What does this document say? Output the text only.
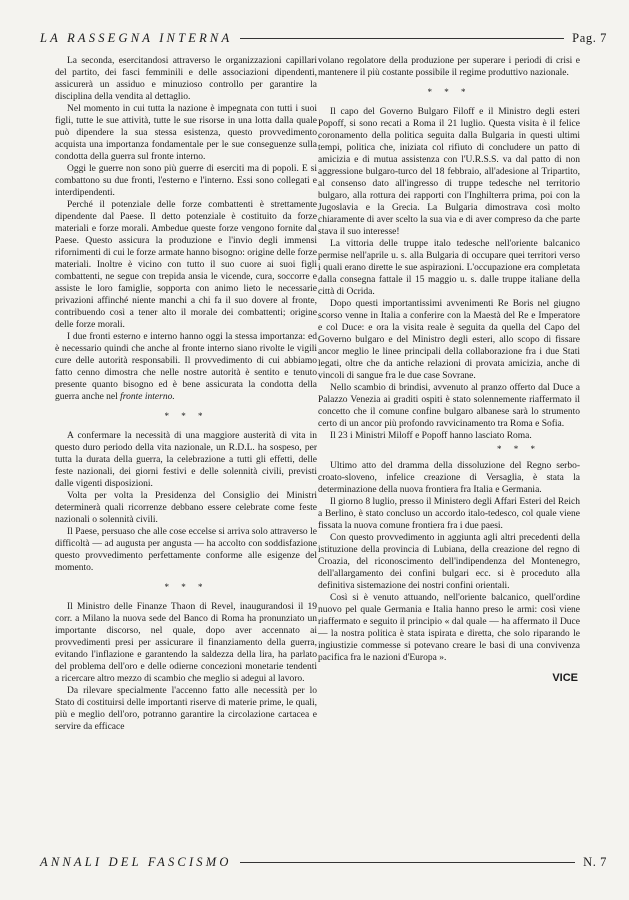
LA RASSEGNA INTERNA	Pag. 7

La seconda, esercitandosi attraverso le organizzazioni capillari del partito, dei fasci femminili e delle associazioni dipendenti, assicurerà un assiduo e minuzioso controllo per garantire la disciplina della vendita al dettaglio.

Nel momento in cui tutta la nazione è impegnata con tutti i suoi figli, tutte le sue attività, tutte le sue risorse in una lotta dalla quale può dipendere la sua stessa esistenza, questo provvedimento acquista una importanza fondamentale per le sue conseguenze sulla condotta della guerra sul fronte interno.

Oggi le guerre non sono più guerre di eserciti ma di popoli. E si combattono su due fronti, l'esterno e l'interno. Essi sono collegati e interdipendenti.

Perché il potenziale delle forze combattenti è strettamente dipendente dal Paese. Il detto potenziale è costituito da forze materiali e forze morali. Ambedue queste forze vengono fornite dal Paese. Questo assicura la produzione e l'invio degli immensi rifornimenti di cui le forze armate hanno bisogno: origine delle forze materiali. Inoltre è vicino con tutto il suo cuore ai suoi figli combattenti, ne segue con trepida ansia le vicende, cura, soccorre e assiste le loro famiglie, sopporta con animo lieto le necessarie privazioni affinché niente manchi a chi fa il suo dovere al fronte, contribuendo così a tener alto il morale dei combattenti; origine delle forze morali.

I due fronti esterno e interno hanno oggi la stessa importanza: ed è necessario quindi che anche al fronte interno siano rivolte le vigili cure delle autorità responsabili. Il provvedimento di cui abbiamo fatto cenno dimostra che nelle nostre autorità è sentito e tenuto presente quanto bisogno ed è bene assicurata la condotta della guerra anche nel fronte interno.

* * *

A confermare la necessità di una maggiore austerità di vita in questo duro periodo della vita nazionale, un R.D.L. ha sospeso, per tutta la durata della guerra, la celebrazione a tutti gli effetti, delle feste nazionali, dei giorni festivi e delle solennità civili, previsti dalle vigenti disposizioni.

Volta per volta la Presidenza del Consiglio dei Ministri determinerà quali ricorrenze debbano essere celebrate come feste nazionali o solennità civili.

Il Paese, persuaso che alle cose eccelse si arriva solo attraverso le difficoltà — ad augusta per angusta — ha accolto con soddisfazione questo provvedimento perfettamente conforme alle esigenze del momento.

* * *

Il Ministro delle Finanze Thaon di Revel, inaugurandosi il 19 corr. a Milano la nuova sede del Banco di Roma ha pronunziato un importante discorso, nel quale, dopo aver accennato ai provvedimenti presi per assicurare il finanziamento della guerra, evitando l'inflazione e garantendo la saldezza della lira, ha parlato del problema dell'oro e delle odierne concezioni monetarie tendenti a ricercare altro mezzo di scambio che meglio si adegui al lavoro.

Da rilevare specialmente l'accenno fatto alle necessità per lo Stato di costituirsi delle importanti riserve di materie prime, le quali, più e meglio dell'oro, potranno garantire la circolazione cartacea e servire da efficace

volano regolatore della produzione per superare i periodi di crisi e mantenere il più costante possibile il regime produttivo nazionale.

* * *

Il capo del Governo Bulgaro Filoff e il Ministro degli esteri Popoff, si sono recati a Roma il 21 luglio. Questa visita è il felice coronamento della politica seguita dalla Bulgaria in questi ultimi tempi, politica che, iniziata col rifiuto di concludere un patto di amicizia e di mutua assistenza con l'U.R.S.S. va dal patto di non aggressione bulgaro-turco del 18 febbraio, all'adesione al Tripartito, al consenso dato all'ingresso di truppe tedesche nel territorio bulgaro, alla rottura dei rapporti con l'Inghilterra prima, poi con la Jugoslavia e la Grecia. La Bulgaria dimostrava così molto chiaramente di aver scelto la sua via e di aver compreso da che parte stava il suo interesse!

La vittoria delle truppe italo tedesche nell'oriente balcanico permise nell'aprile u. s. alla Bulgaria di occupare quei territori verso i quali erano dirette le sue aspirazioni. L'occupazione era completata dalla consegna fattale il 15 maggio u. s. dalle truppe italiane della città di Ocrida.

Dopo questi importantissimi avvenimenti Re Boris nel giugno scorso venne in Italia a conferire con la Maestà del Re e Imperatore e col Duce: e ora la visita reale è seguita da quella del Capo del Governo bulgaro e del Ministro degli esteri, allo scopo di fissare ancor meglio le linee principali della collaborazione fra i due Stati legati, oltre che da antiche relazioni di provata amicizia, anche di vincoli di sangue fra le due case Sovrane.

Nello scambio di brindisi, avvenuto al pranzo offerto dal Duce a Palazzo Venezia ai graditi ospiti è stato solennemente riaffermato il concetto che il comune confine bulgaro albanese sarà lo strumento certo di un ancor più profondo ravvicinamento tra Roma e Sofia.

Il 23 i Ministri Miloff e Popoff hanno lasciato Roma.

* * *

Ultimo atto del dramma della dissoluzione del Regno serbo-croato-sloveno, infelice creazione di Versaglia, è stata la determinazione della nuova frontiera fra Italia e Germania.

Il giorno 8 luglio, presso il Ministero degli Affari Esteri del Reich a Berlino, è stato concluso un accordo italo-tedesco, col quale viene fissata la nuova comune frontiera fra i due paesi.

Con questo provvedimento in aggiunta agli altri precedenti della istituzione della provincia di Lubiana, della creazione del regno di Croazia, del riconoscimento dell'indipendenza del Montenegro, dell'allargamento dei confini bulgari ecc. si è proceduto alla definitiva sistemazione dei nostri confini orientali.

Così si è venuto attuando, nell'oriente balcanico, quell'ordine nuovo pel quale Germania e Italia hanno preso le armi: così viene riaffermato e seguito il principio « dal quale — ha affermato il Duce — la nostra politica è stata ispirata e diretta, che solo riparando le ingiustizie commesse si potevano creare le basi di una convivenza pacifica fra le nazioni d'Europa ».

VICE
ANNALI DEL FASCISMO	N. 7
